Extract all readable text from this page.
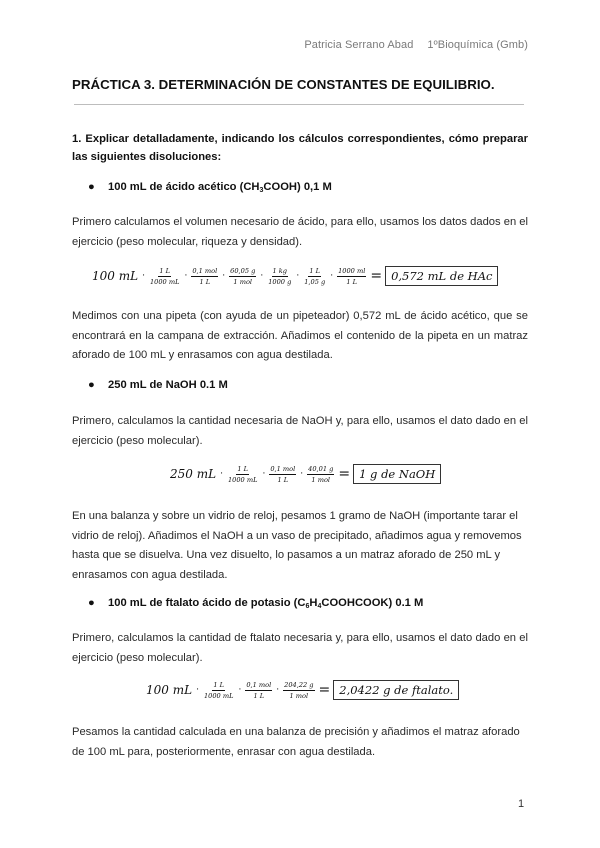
Patricia Serrano Abad 1ºBioquímica (Gmb)
PRÁCTICA 3. DETERMINACIÓN DE CONSTANTES DE EQUILIBRIO.
1. Explicar detalladamente, indicando los cálculos correspondientes, cómo preparar las siguientes disoluciones:
● 100 mL de ácido acético $(CH_3COOH)$ 0,1 M
Primero calculamos el volumen necesario de ácido, para ello, usamos los datos dados en el ejercicio (peso molecular, riqueza y densidad).
100 mL · $\frac{1 L}{1000 mL} \cdot \frac{\text{0,1 mol}}{1 L} \cdot \frac{60,05 g}{\text{1 mol}} \cdot \frac{1 kg}{1000 g} \cdot \frac{1 L}{1,05 g} \cdot \frac{1000 ml}{1 L} = 0,572$ mL de HAc
Medimos con una pipeta (con ayuda de un pipeteador) 0,572 mL de ácido acético, que se encontrará en la campana de extracción. Añadimos el contenido de la pipeta en un matraz aforado de 100 mL y enrasamos con agua destilada.
● 250 mL de NaOH 0.1 M
Primero, calculamos la cantidad necesaria de NaOH y, para ello, usamos el dato dado en el ejercicio (peso molecular).
250 mL · $\frac{1 L}{1000 mL} \cdot \frac{\text{0,1 mol}}{1 L} \cdot \frac{40,01 g}{\text{1 mol}} = 1$ g de NaOH
En una balanza y sobre un vidrio de reloj, pesamos 1 gramo de NaOH (importante tarar el vidrio de reloj). Añadimos el NaOH a un vaso de precipitado, añadimos agua y removemos hasta que se disuelva. Una vez disuelto, lo pasamos a un matraz aforado de 250 mL y enrasamos con agua destilada.
● 100 mL de ftalato ácido de potasio $(C_6H_4COOHCOOK)$ 0.1 M
Primero, calculamos la cantidad de ftalato necesaria y, para ello, usamos el dato dado en el ejercicio (peso molecular).
100 mL · $\frac{1 L}{1000 mL} \cdot \frac{\text{0,1 mol}}{1 L} \cdot \frac{204,22 g}{\text{1 mol}} = 2,0422$ g de ftalato.
Pesamos la cantidad calculada en una balanza de precisión y añadimos el matraz aforado de 100 mL para, posteriormente, enrasar con agua destilada.
1
